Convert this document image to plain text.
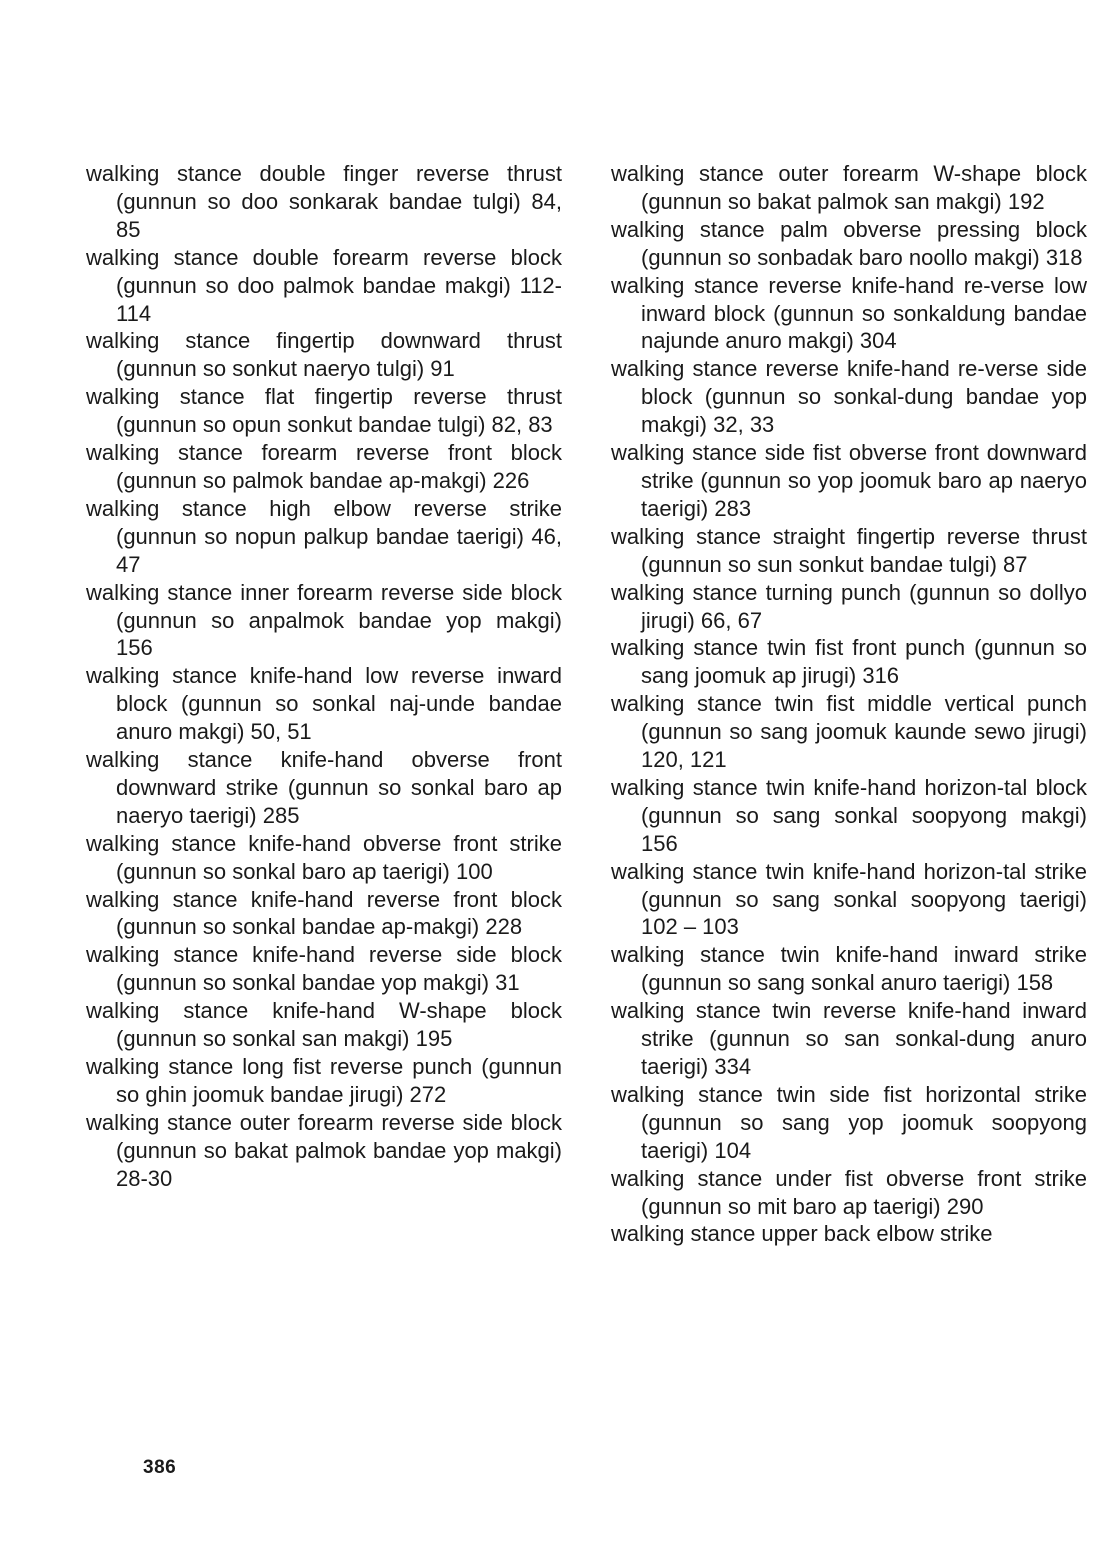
walking stance double finger reverse thrust (gunnun so doo sonkarak bandae tulgi) 84, 85

walking stance double forearm reverse block (gunnun so doo palmok bandae makgi) 112-114

walking stance fingertip downward thrust (gunnun so sonkut naeryo tulgi) 91

walking stance flat fingertip reverse thrust (gunnun so opun sonkut bandae tulgi) 82, 83

walking stance forearm reverse front block (gunnun so palmok bandae ap-makgi) 226

walking stance high elbow reverse strike (gunnun so nopun palkup bandae taerigi) 46, 47

walking stance inner forearm reverse side block (gunnun so anpalmok bandae yop makgi) 156

walking stance knife-hand low reverse inward block (gunnun so sonkal naj-unde bandae anuro makgi) 50, 51

walking stance knife-hand obverse front downward strike (gunnun so sonkal baro ap naeryo taerigi) 285

walking stance knife-hand obverse front strike (gunnun so sonkal baro ap taerigi) 100

walking stance knife-hand reverse front block (gunnun so sonkal bandae ap-makgi) 228

walking stance knife-hand reverse side block (gunnun so sonkal bandae yop makgi) 31

walking stance knife-hand W-shape block (gunnun so sonkal san makgi) 195

walking stance long fist reverse punch (gunnun so ghin joomuk bandae jirugi) 272

walking stance outer forearm reverse side block (gunnun so bakat palmok bandae yop makgi) 28-30

walking stance outer forearm W-shape block (gunnun so bakat palmok san makgi) 192

walking stance palm obverse pressing block (gunnun so sonbadak baro noollo makgi) 318

walking stance reverse knife-hand re-verse low inward block (gunnun so sonkaldung bandae najunde anuro makgi) 304

walking stance reverse knife-hand re-verse side block (gunnun so sonkal-dung bandae yop makgi) 32, 33

walking stance side fist obverse front downward strike (gunnun so yop joomuk baro ap naeryo taerigi) 283

walking stance straight fingertip reverse thrust (gunnun so sun sonkut bandae tulgi) 87

walking stance turning punch (gunnun so dollyo jirugi) 66, 67

walking stance twin fist front punch (gunnun so sang joomuk ap jirugi) 316

walking stance twin fist middle vertical punch (gunnun so sang joomuk kaunde sewo jirugi) 120, 121

walking stance twin knife-hand horizon-tal block (gunnun so sang sonkal soopyong makgi) 156

walking stance twin knife-hand horizon-tal strike (gunnun so sang sonkal soopyong taerigi) 102 – 103

walking stance twin knife-hand inward strike (gunnun so sang sonkal anuro taerigi) 158

walking stance twin reverse knife-hand inward strike (gunnun so san sonkal-dung anuro taerigi) 334

walking stance twin side fist horizontal strike (gunnun so sang yop joomuk soopyong taerigi) 104

walking stance under fist obverse front strike (gunnun so mit baro ap taerigi) 290

walking stance upper back elbow strike

386
